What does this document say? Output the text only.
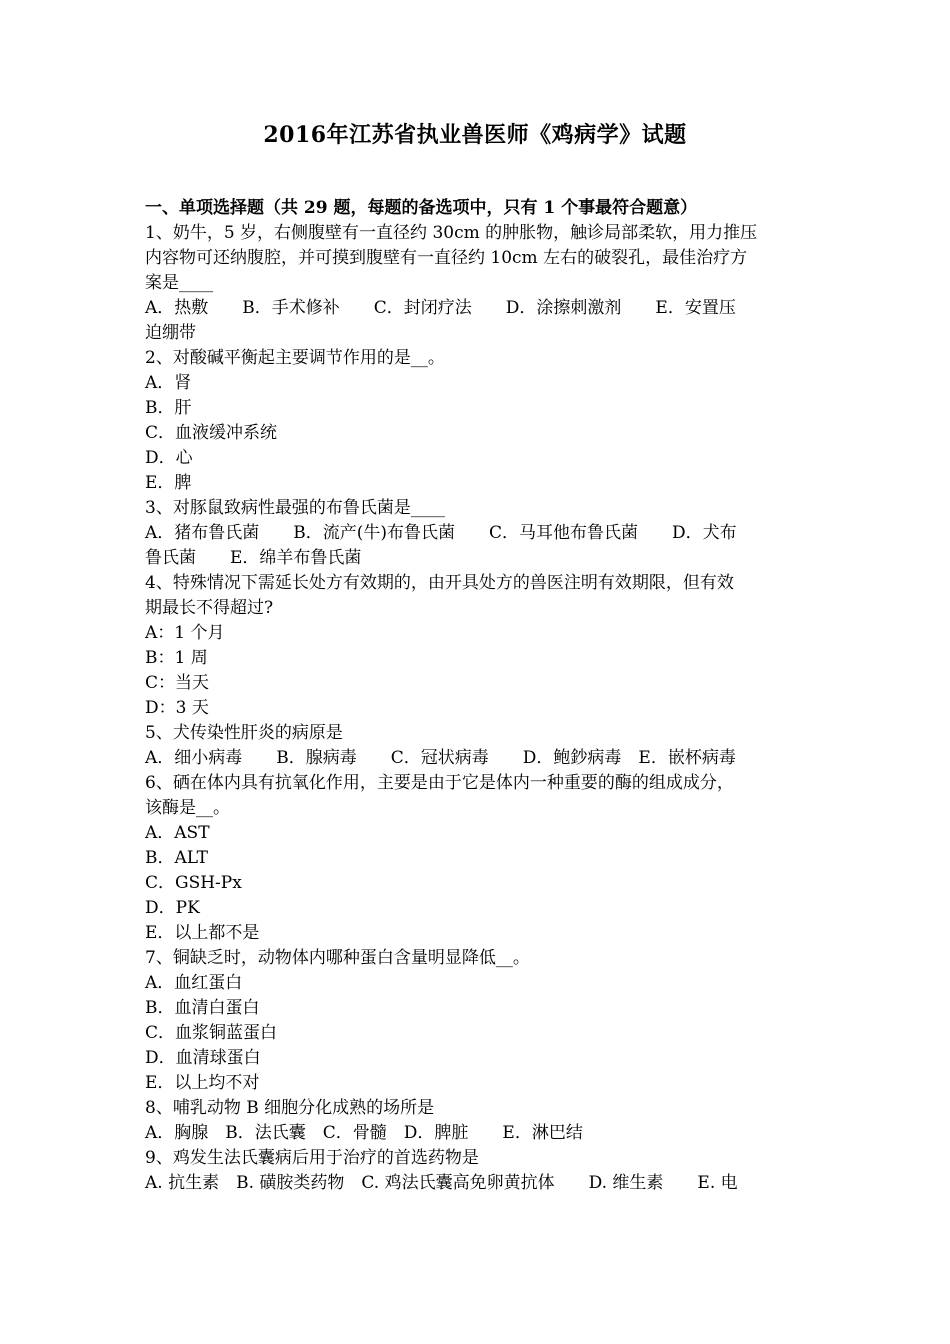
2016年江苏省执业兽医师《鸡病学》试题

一、单项选择题（共 29 题，每题的备选项中，只有 1 个事最符合题意）

1、奶牛，5 岁，右侧腹壁有一直径约 30cm 的肿胀物，触诊局部柔软，用力推压

内容物可还纳腹腔，并可摸到腹壁有一直径约 10cm 左右的破裂孔，最佳治疗方

案是____

A．热敷　　B．手术修补　　C．封闭疗法　　D．涂擦刺激剂　　E．安置压

迫绷带

2、对酸碱平衡起主要调节作用的是__。

A．肾

B．肝

C．血液缓冲系统

D．心

E．脾

3、对豚鼠致病性最强的布鲁氏菌是____

A．猪布鲁氏菌　　B．流产(牛)布鲁氏菌　　C．马耳他布鲁氏菌　　D．犬布

鲁氏菌　　E．绵羊布鲁氏菌

4、特殊情况下需延长处方有效期的，由开具处方的兽医注明有效期限，但有效

期最长不得超过?

A：1 个月

B：1 周

C：当天

D：3 天

5、犬传染性肝炎的病原是

A．细小病毒　　B．腺病毒　　C．冠状病毒　　D．鲍鈔病毒　E．嵌杯病毒

6、硒在体内具有抗氧化作用，主要是由于它是体内一种重要的酶的组成成分，

该酶是__。

A．AST

B．ALT

C．GSH-Px

D．PK

E．以上都不是

7、铜缺乏时，动物体内哪种蛋白含量明显降低__。

A．血红蛋白

B．血清白蛋白

C．血浆铜蓝蛋白

D．血清球蛋白

E．以上均不对

8、哺乳动物 B 细胞分化成熟的场所是

A．胸腺　B．法氏囊　C．骨髓　D．脾脏　　E．淋巴结

9、鸡发生法氏囊病后用于治疗的首选药物是

A. 抗生素　B. 磺胺类药物　C. 鸡法氏囊高免卵黄抗体　　D. 维生素　　E. 电
